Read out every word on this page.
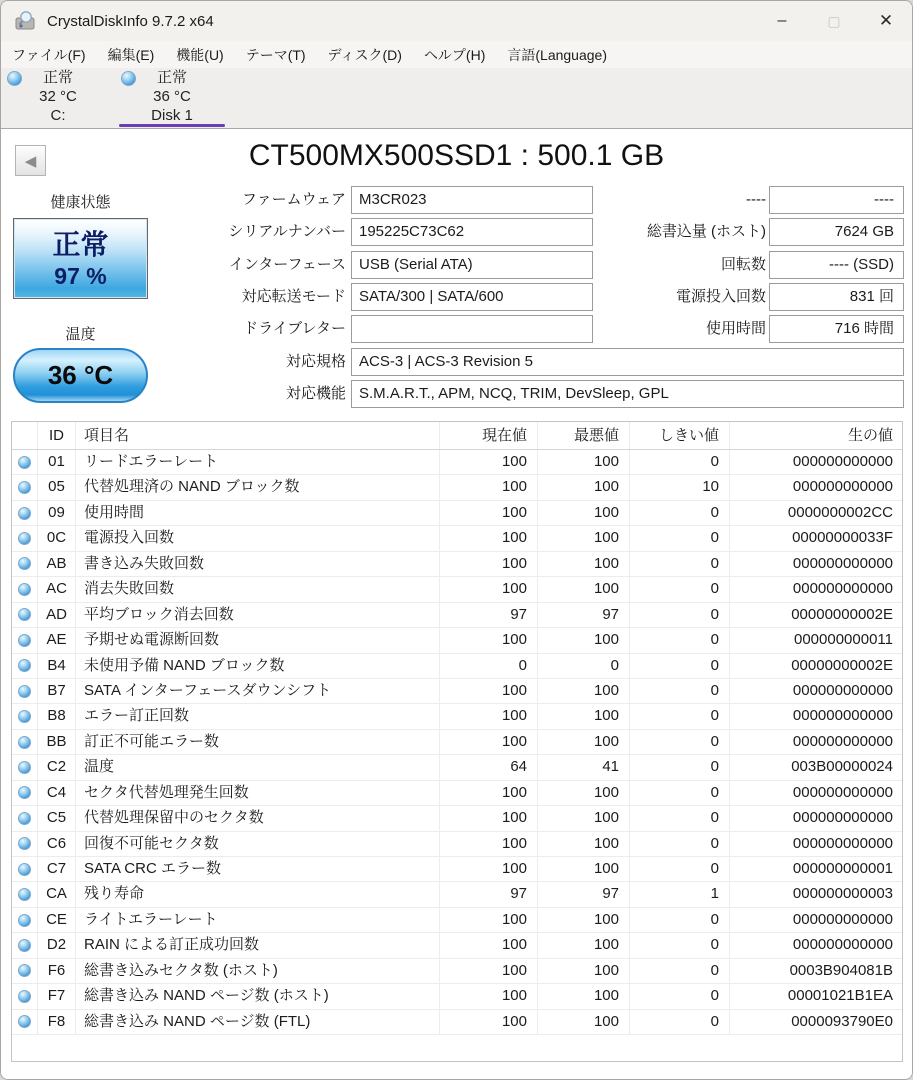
CrystalDiskInfo 9.7.2 x64	–	▢	✕
ファイル(F)	編集(E)	機能(U)	テーマ(T)	ディスク(D)	ヘルプ(H)	言語(Language)
正常
32 °C
C:
正常
36 °C
Disk 1
◀	CT500MX500SSD1 : 500.1 GB
健康状態
正常
97 %
温度
36 °C
ファームウェア M3CR023
シリアルナンバー 195225C73C62
インターフェース USB (Serial ATA)
対応転送モード SATA/300 | SATA/600
ドライブレター
対応規格 ACS-3 | ACS-3 Revision 5
対応機能 S.M.A.R.T., APM, NCQ, TRIM, DevSleep, GPL
----	----
総書込量 (ホスト)	7624 GB
回転数	---- (SSD)
電源投入回数	831 回
使用時間	716 時間
ID	項目名	現在値	最悪値	しきい値	生の値
01	リードエラーレート	100	100	0	000000000000
05	代替処理済の NAND ブロック数	100	100	10	000000000000
09	使用時間	100	100	0	0000000002CC
0C	電源投入回数	100	100	0	00000000033F
AB	書き込み失敗回数	100	100	0	000000000000
AC	消去失敗回数	100	100	0	000000000000
AD	平均ブロック消去回数	97	97	0	00000000002E
AE	予期せぬ電源断回数	100	100	0	000000000011
B4	未使用予備 NAND ブロック数	0	0	0	00000000002E
B7	SATA インターフェースダウンシフト	100	100	0	000000000000
B8	エラー訂正回数	100	100	0	000000000000
BB	訂正不可能エラー数	100	100	0	000000000000
C2	温度	64	41	0	003B00000024
C4	セクタ代替処理発生回数	100	100	0	000000000000
C5	代替処理保留中のセクタ数	100	100	0	000000000000
C6	回復不可能セクタ数	100	100	0	000000000000
C7	SATA CRC エラー数	100	100	0	000000000001
CA	残り寿命	97	97	1	000000000003
CE	ライトエラーレート	100	100	0	000000000000
D2	RAIN による訂正成功回数	100	100	0	000000000000
F6	総書き込みセクタ数 (ホスト)	100	100	0	0003B904081B
F7	総書き込み NAND ページ数 (ホスト)	100	100	0	00001021B1EA
F8	総書き込み NAND ページ数 (FTL)	100	100	0	0000093790E0
